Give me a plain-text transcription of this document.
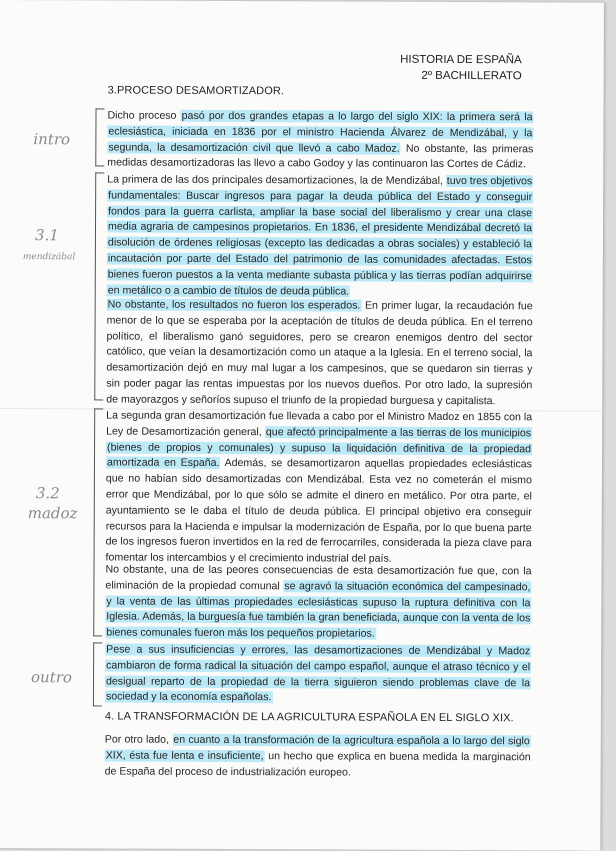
HISTORIA DE ESPAÑA
2º BACHILLERATO
3.PROCESO DESAMORTIZADOR.

Dicho proceso pasó por dos grandes etapas a lo largo del siglo XIX: la primera será la eclesiástica, iniciada en 1836 por el ministro Hacienda Álvarez de Mendizábal, y la segunda, la desamortización civil que llevó a cabo Madoz. No obstante, las primeras medidas desamortizadoras las llevo a cabo Godoy y las continuaron las Cortes de Cádiz.

La primera de las dos principales desamortizaciones, la de Mendizábal, tuvo tres objetivos fundamentales: Buscar ingresos para pagar la deuda pública del Estado y conseguir fondos para la guerra carlista, ampliar la base social del liberalismo y crear una clase media agraria de campesinos propietarios. En 1836, el presidente Mendizábal decretó la disolución de órdenes religiosas (excepto las dedicadas a obras sociales) y estableció la incautación por parte del Estado del patrimonio de las comunidades afectadas. Estos bienes fueron puestos a la venta mediante subasta pública y las tierras podían adquirirse en metálico o a cambio de títulos de deuda pública.

No obstante, los resultados no fueron los esperados. En primer lugar, la recaudación fue menor de lo que se esperaba por la aceptación de títulos de deuda pública. En el terreno político, el liberalismo ganó seguidores, pero se crearon enemigos dentro del sector católico, que veían la desamortización como un ataque a la Iglesia. En el terreno social, la desamortización dejó en muy mal lugar a los campesinos, que se quedaron sin tierras y sin poder pagar las rentas impuestas por los nuevos dueños. Por otro lado, la supresión de mayorazgos y señoríos supuso el triunfo de la propiedad burguesa y capitalista.

La segunda gran desamortización fue llevada a cabo por el Ministro Madoz en 1855 con la Ley de Desamortización general, que afectó principalmente a las tierras de los municipios (bienes de propios y comunales) y supuso la liquidación definitiva de la propiedad amortizada en España. Además, se desamortizaron aquellas propiedades eclesiásticas que no habían sido desamortizadas con Mendizábal. Esta vez no cometerán el mismo error que Mendizábal, por lo que sólo se admite el dinero en metálico. Por otra parte, el ayuntamiento se le daba el título de deuda pública. El principal objetivo era conseguir recursos para la Hacienda e impulsar la modernización de España, por lo que buena parte de los ingresos fueron invertidos en la red de ferrocarriles, considerada la pieza clave para fomentar los intercambios y el crecimiento industrial del país.

No obstante, una de las peores consecuencias de esta desamortización fue que, con la eliminación de la propiedad comunal se agravó la situación económica del campesinado, y la venta de las últimas propiedades eclesiásticas supuso la ruptura definitiva con la Iglesia. Además, la burguesía fue también la gran beneficiada, aunque con la venta de los bienes comunales fueron más los pequeños propietarios.

Pese a sus insuficiencias y errores, las desamortizaciones de Mendizábal y Madoz cambiaron de forma radical la situación del campo español, aunque el atraso técnico y el desigual reparto de la propiedad de la tierra siguieron siendo problemas clave de la sociedad y la economía españolas.

4. LA TRANSFORMACIÓN DE LA AGRICULTURA ESPAÑOLA EN EL SIGLO XIX.

Por otro lado, en cuanto a la transformación de la agricultura española a lo largo del siglo XIX, ésta fue lenta e insuficiente, un hecho que explica en buena medida la marginación de España del proceso de industrialización europeo.

intro
3.1
mendizábal
3.2
madoz
outro
